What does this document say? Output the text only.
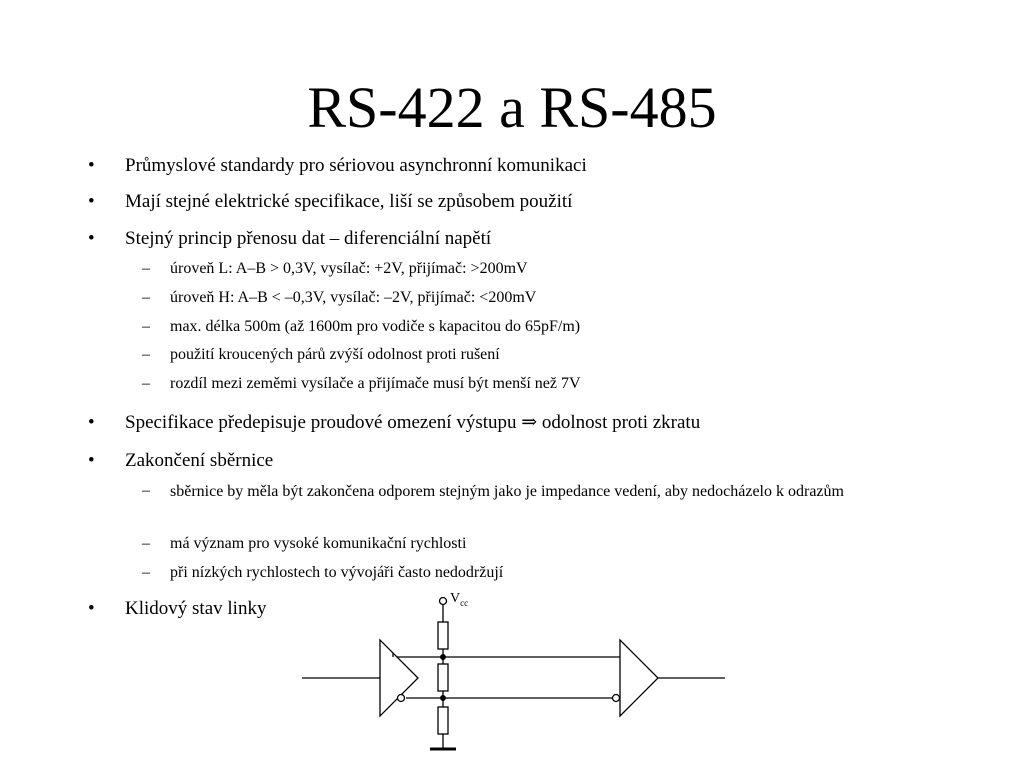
RS-422 a RS-485
• Průmyslové standardy pro sériovou asynchronní komunikaci
• Mají stejné elektrické specifikace, liší se způsobem použití
• Stejný princip přenosu dat – diferenciální napětí
– úroveň L: A–B > 0,3V, vysílač: +2V, přijímač: >200mV
– úroveň H: A–B < –0,3V, vysílač: –2V, přijímač: <200mV
– max. délka 500m (až 1600m pro vodiče s kapacitou do 65pF/m)
– použití kroucených párů zvýší odolnost proti rušení
– rozdíl mezi zeměmi vysílače a přijímače musí být menší než 7V
• Specifikace předepisuje proudové omezení výstupu ⇒ odolnost proti zkratu
• Zakončení sběrnice
– sběrnice by měla být zakončena odporem stejným jako je impedance vedení, aby nedocházelo k odrazům
– má význam pro vysoké komunikační rychlosti
– při nízkých rychlostech to vývojáři často nedodržují
• Klidový stav linky	$V_{cc}$
